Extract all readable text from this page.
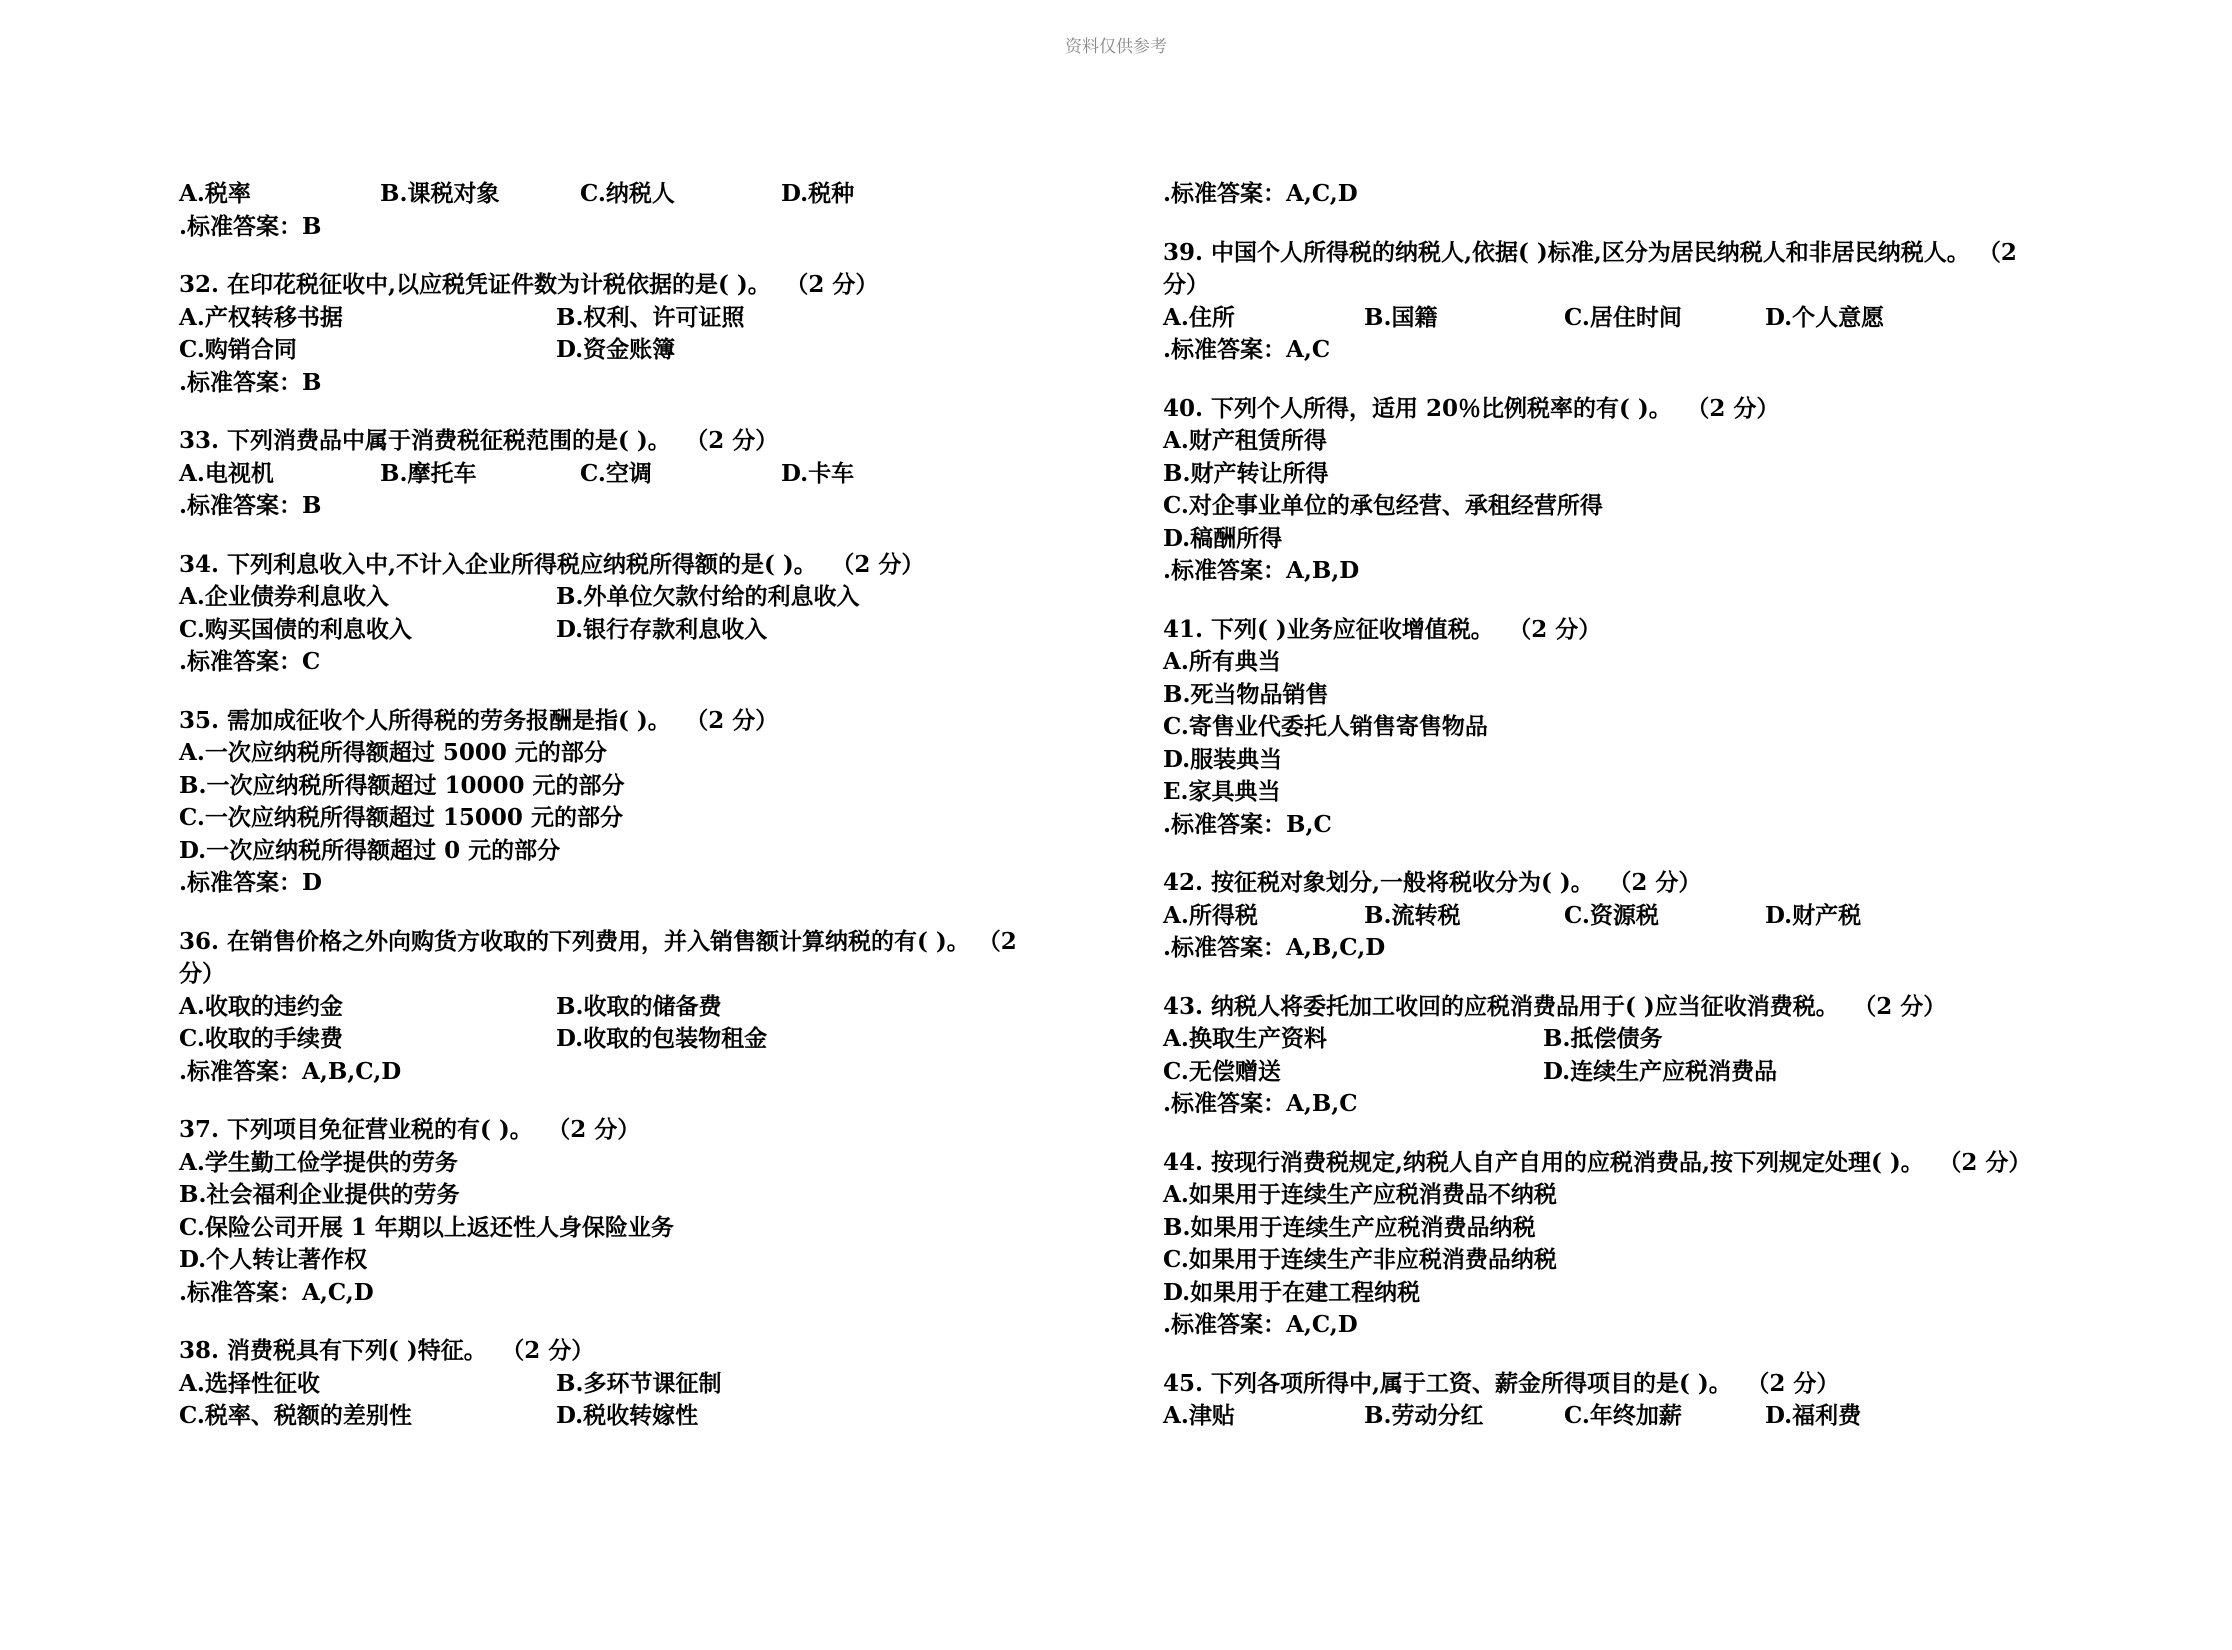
资料仅供参考
A.税率	B.课税对象	C.纳税人	D.税种
.标准答案：B
32. 在印花税征收中,以应税凭证件数为计税依据的是( )。 （2 分）
A.产权转移书据	B.权利、许可证照
C.购销合同	D.资金账簿
.标准答案：B
33. 下列消费品中属于消费税征税范围的是( )。 （2 分）
A.电视机	B.摩托车	C.空调	D.卡车
.标准答案：B
34. 下列利息收入中,不计入企业所得税应纳税所得额的是( )。 （2 分）
A.企业债券利息收入	B.外单位欠款付给的利息收入
C.购买国债的利息收入	D.银行存款利息收入
.标准答案：C
35. 需加成征收个人所得税的劳务报酬是指( )。 （2 分）
A.一次应纳税所得额超过 5000 元的部分
B.一次应纳税所得额超过 10000 元的部分
C.一次应纳税所得额超过 15000 元的部分
D.一次应纳税所得额超过 0 元的部分
.标准答案：D
36. 在销售价格之外向购货方收取的下列费用，并入销售额计算纳税的有( )。 （2
分）
A.收取的违约金	B.收取的储备费
C.收取的手续费	D.收取的包装物租金
.标准答案：A,B,C,D
37. 下列项目免征营业税的有( )。 （2 分）
A.学生勤工俭学提供的劳务
B.社会福利企业提供的劳务
C.保险公司开展 1 年期以上返还性人身保险业务
D.个人转让著作权
.标准答案：A,C,D
38. 消费税具有下列( )特征。 （2 分）
A.选择性征收	B.多环节课征制
C.税率、税额的差别性	D.税收转嫁性
.标准答案：A,C,D
39. 中国个人所得税的纳税人,依据( )标准,区分为居民纳税人和非居民纳税人。 （2
分）
A.住所	B.国籍	C.居住时间	D.个人意愿
.标准答案：A,C
40. 下列个人所得，适用 20％比例税率的有( )。 （2 分）
A.财产租赁所得
B.财产转让所得
C.对企事业单位的承包经营、承租经营所得
D.稿酬所得
.标准答案：A,B,D
41. 下列( )业务应征收增值税。 （2 分）
A.所有典当
B.死当物品销售
C.寄售业代委托人销售寄售物品
D.服装典当
E.家具典当
.标准答案：B,C
42. 按征税对象划分,一般将税收分为( )。 （2 分）
A.所得税	B.流转税	C.资源税	D.财产税
.标准答案：A,B,C,D
43. 纳税人将委托加工收回的应税消费品用于( )应当征收消费税。 （2 分）
A.换取生产资料	B.抵偿债务
C.无偿赠送	D.连续生产应税消费品
.标准答案：A,B,C
44. 按现行消费税规定,纳税人自产自用的应税消费品,按下列规定处理( )。 （2 分）
A.如果用于连续生产应税消费品不纳税
B.如果用于连续生产应税消费品纳税
C.如果用于连续生产非应税消费品纳税
D.如果用于在建工程纳税
.标准答案：A,C,D
45. 下列各项所得中,属于工资、薪金所得项目的是( )。 （2 分）
A.津贴	B.劳动分红	C.年终加薪	D.福利费
